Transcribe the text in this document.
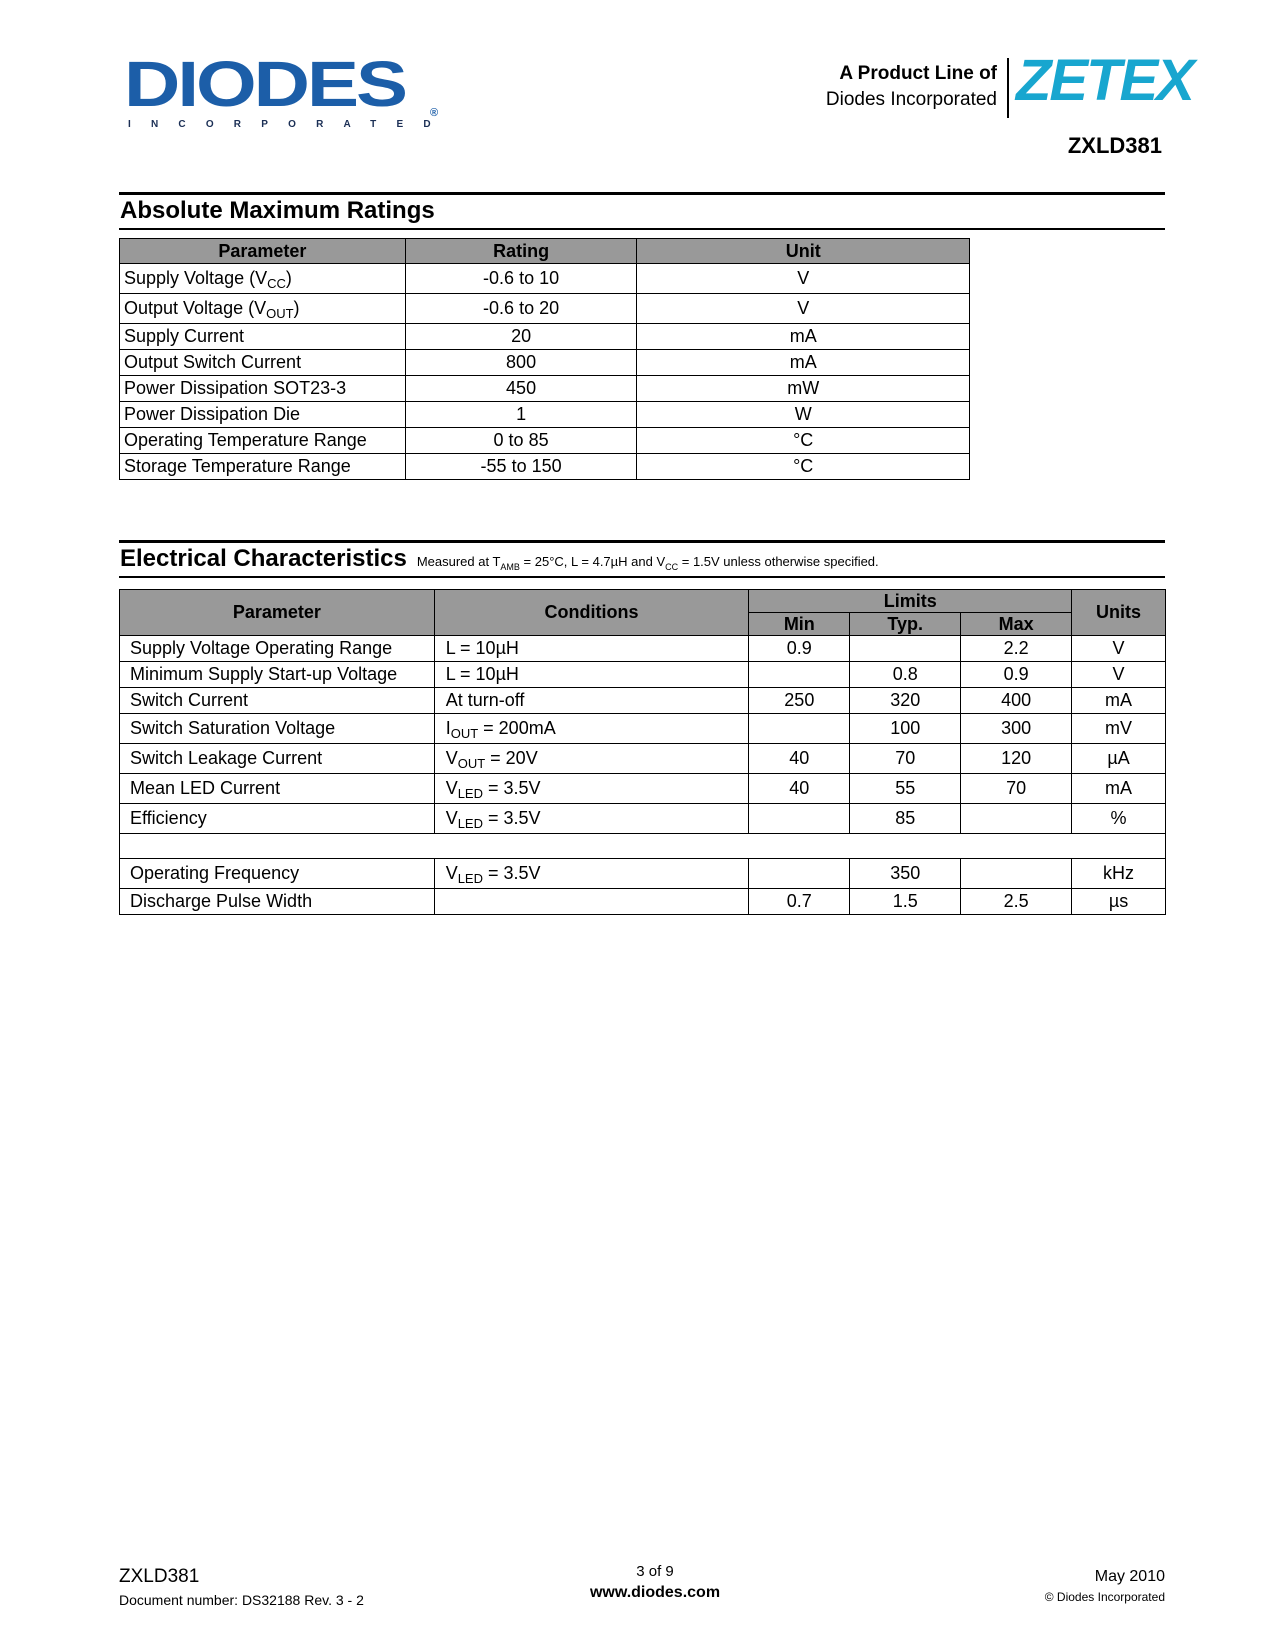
DIODES
INCORPORATED
®
A Product Line of
Diodes Incorporated ZETEX
ZXLD381
Absolute Maximum Ratings
Parameter	Rating	Unit
Supply Voltage $(V_{CC})$	-0.6 to 10	V
Output Voltage $(V_{OUT})$	-0.6 to 20	V
Supply Current	20	mA
Output Switch Current	800	mA
Power Dissipation SOT23-3	450	mW
Power Dissipation Die	1	W
Operating Temperature Range	0 to 85	°C
Storage Temperature Range	-55 to 150	°C
Electrical Characteristics Measured at $T_{AMB} = 25^\circ C$, L = 4.7µH and $V_{CC} = 1.5V$ unless otherwise specified.
Parameter	Conditions	Limits			Units
		Min	Typ.	Max	
Supply Voltage Operating Range	L = 10µH	0.9		2.2	V
Minimum Supply Start-up Voltage	L = 10µH		0.8	0.9	V
Switch Current	At turn-off	250	320	400	mA
Switch Saturation Voltage	$I_{OUT} = 200mA$		100	300	mV
Switch Leakage Current	$V_{OUT} = 20V$	40	70	120	µA
Mean LED Current	$V_{LED} = 3.5V$	40	55	70	mA
Efficiency	$V_{LED} = 3.5V$		85		%

Operating Frequency	$V_{LED} = 3.5V$		350		kHz
Discharge Pulse Width		0.7	1.5	2.5	µs
ZXLD381
Document number: DS32188 Rev. 3 - 2
3 of 9
www.diodes.com
May 2010
© Diodes Incorporated
